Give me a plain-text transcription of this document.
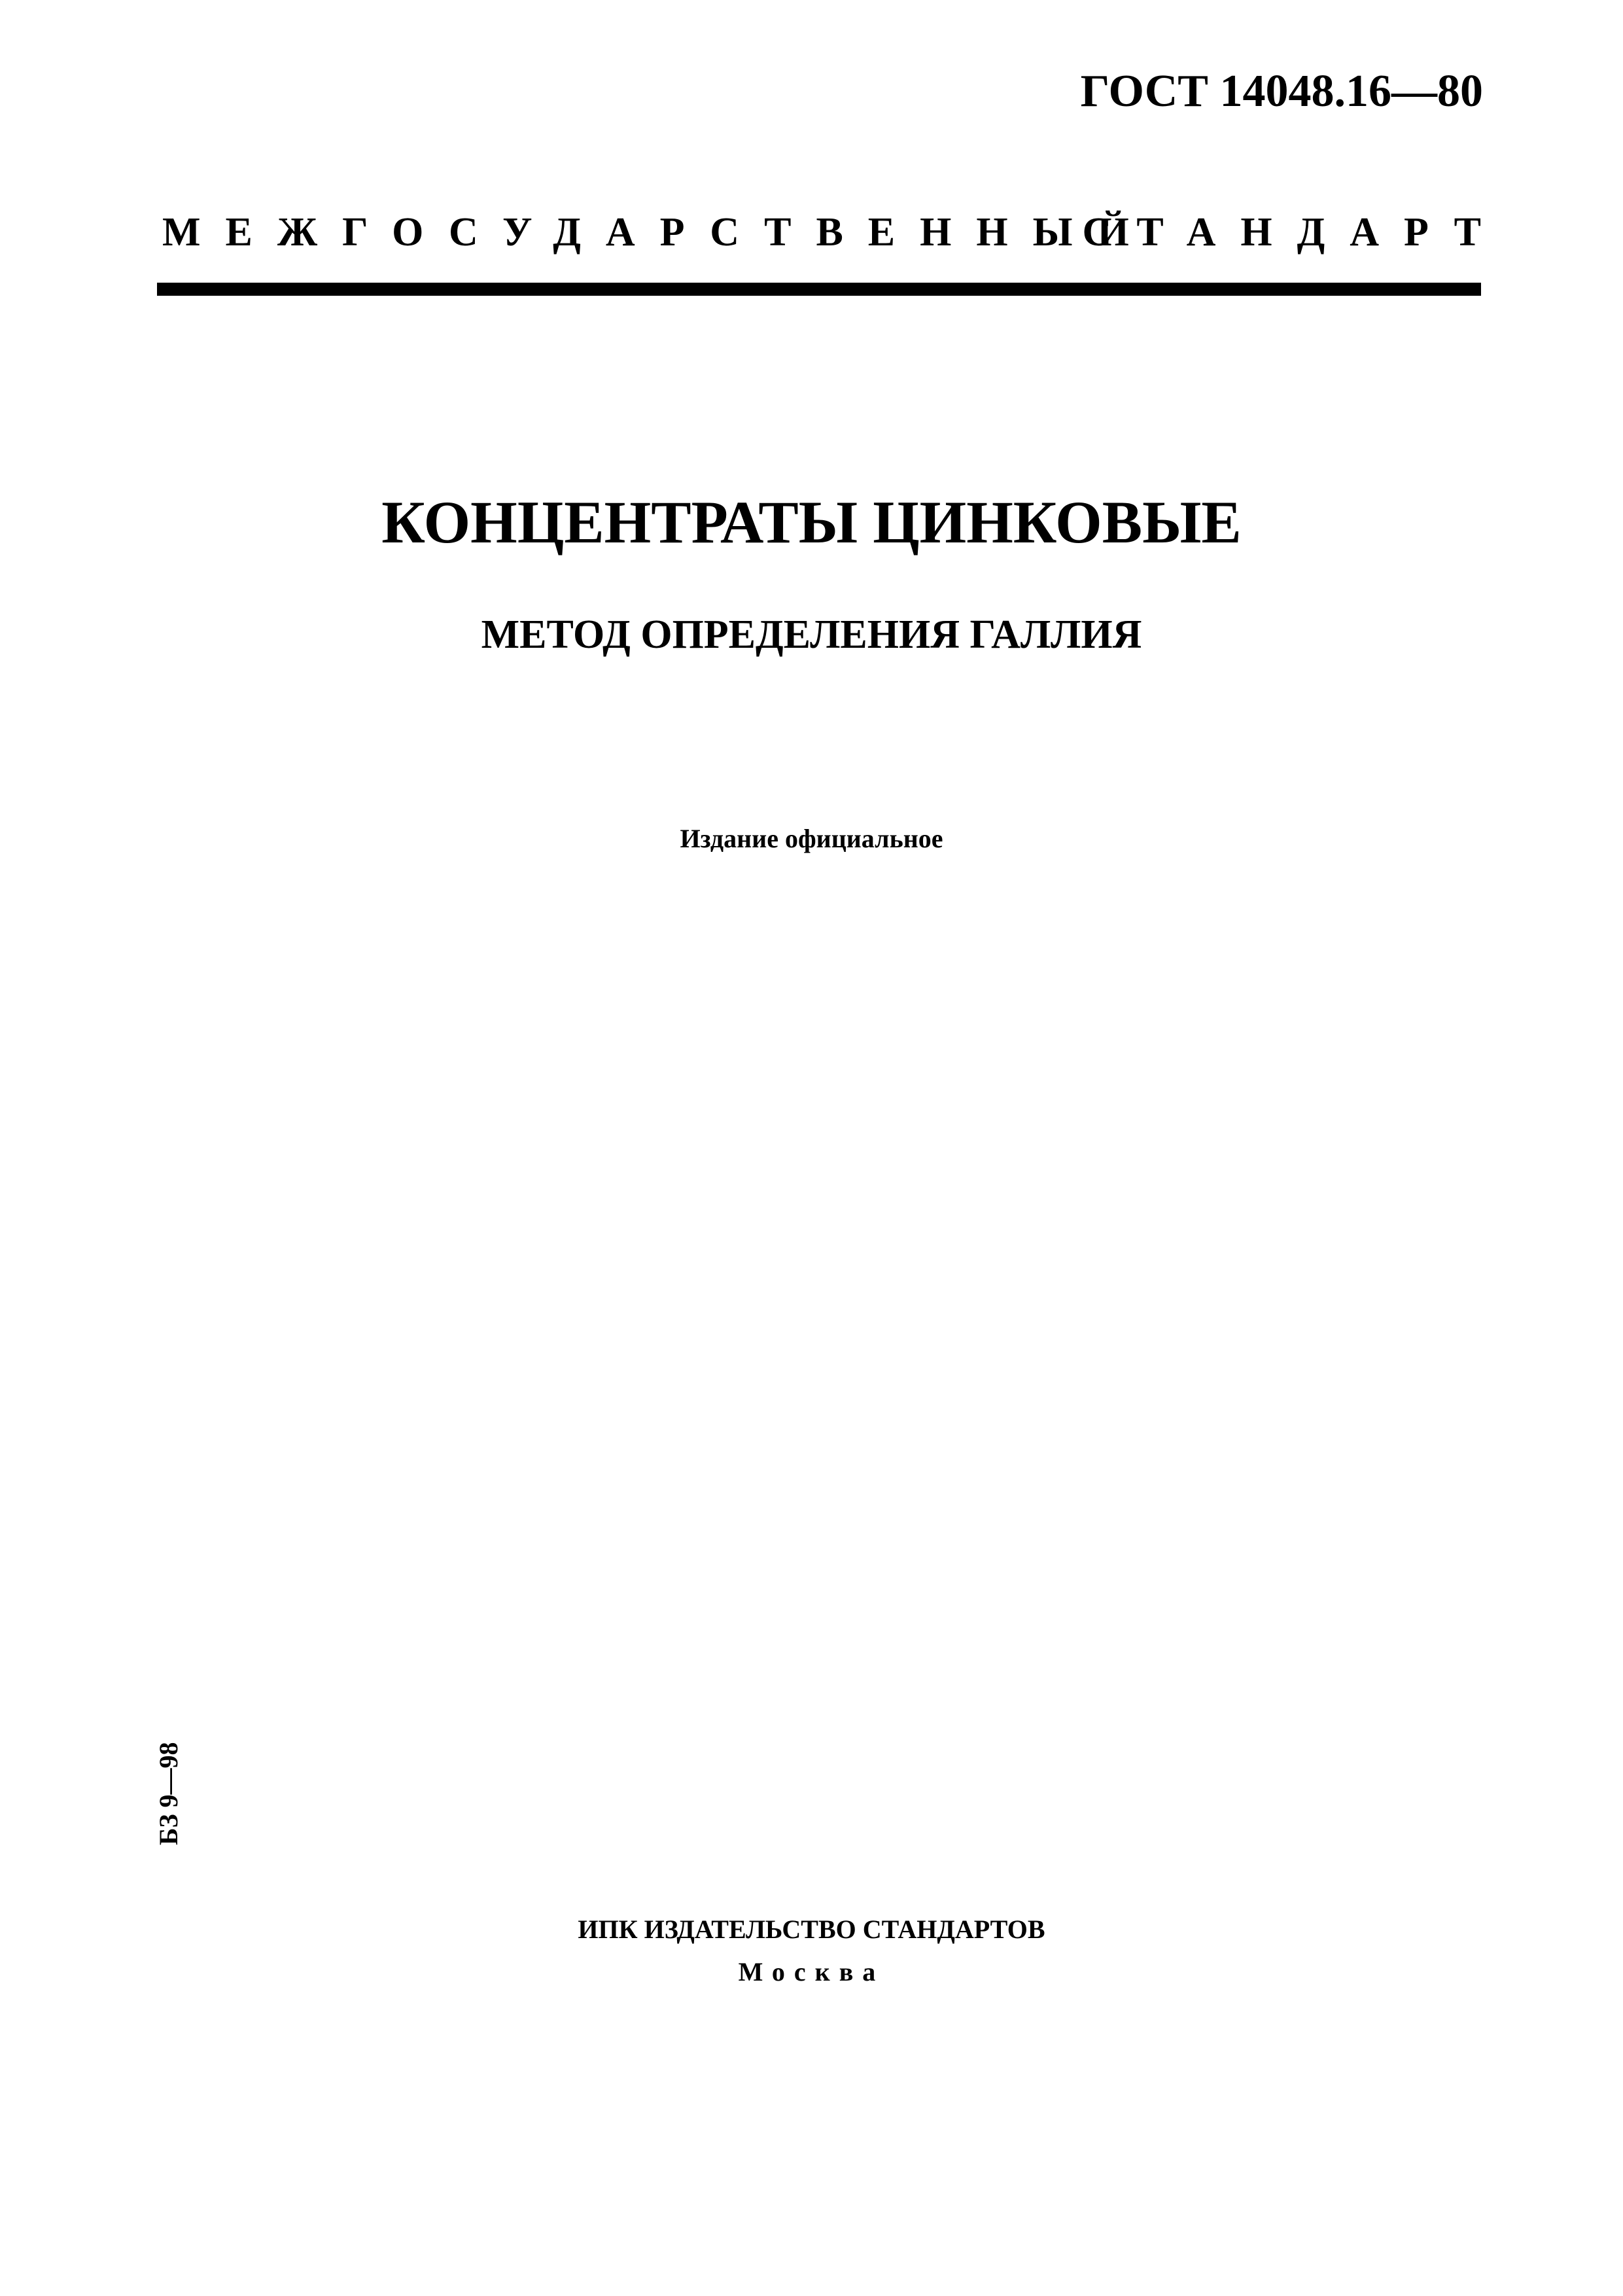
ГОСТ 14048.16—80
МЕЖГОСУДАРСТВЕННЫЙ
СТАНДАРТ
КОНЦЕНТРАТЫ ЦИНКОВЫЕ
МЕТОД ОПРЕДЕЛЕНИЯ ГАЛЛИЯ
Издание официальное
БЗ 9—98
ИПК ИЗДАТЕЛЬСТВО СТАНДАРТОВ
Москва
